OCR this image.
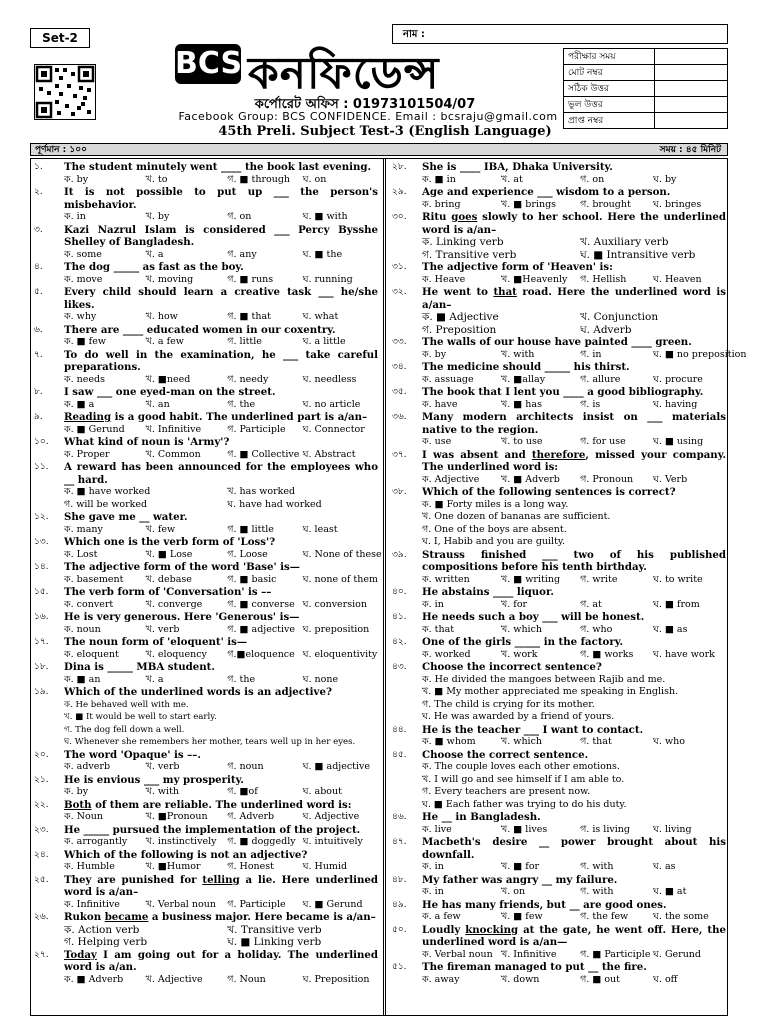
Set-2	নাম :
BCS কনফিডেন্স
কর্পোরেট অফিস : 01973101504/07
Facebook Group: BCS CONFIDENCE. Email : bcsraju@gmail.com
45th Preli. Subject Test-3 (English Language)
পরীক্ষার সময়	
মোট নম্বর	
সঠিক উত্তর	
ভুল উত্তর	
প্রাপ্ত নম্বর	
পূর্ণমান : ১০০	সময় : ৪৫ মিনিট
১.	The student minutely went ____ the book last evening.
ক. by	খ. to	গ. ■ through ঘ. on
২.	It is not possible to put up ___ the person's misbehavior.
ক. in	খ. by	গ. on	ঘ. ■ with
৩.	Kazi Nazrul Islam is considered ___ Percy Bysshe Shelley of Bangladesh.
ক. some	খ. a	গ. any	ঘ. ■ the
৪.	The dog _____ as fast as the boy.
ক. move	খ. moving	গ. ■ runs	ঘ. running
৫.	Every child should learn a creative task ___ he/she likes.
ক. why	খ. how	গ. ■ that	ঘ. what
৬.	There are ____ educated women in our coxentry.
ক. ■ few	খ. a few	গ. little	ঘ. a little
৭.	To do well in the examination, he ___ take careful preparations.
ক. needs	খ. ■need	গ. needy	ঘ. needless
৮.	I saw ___ one eyed-man on the street.
ক. ■ a	খ. an	গ. the	ঘ. no article
৯.	Reading is a good habit. The underlined part is a/an–
ক. ■ Gerund খ. Infinitive	গ. Participle ঘ. Connector
১০.	What kind of noun is 'Army'?
ক. Proper	খ. Common	গ. ■ Collective ঘ. Abstract
১১.	A reward has been announced for the employees who __ hard.
ক. ■ have worked	খ. has worked
গ. will be worked	ঘ. have had worked
১২.	She gave me __ water.
ক. many	খ. few	গ. ■ little	ঘ. least
১৩.	Which one is the verb form of 'Loss'?
ক. Lost	খ. ■ Lose	গ. Loose	ঘ. None of these
১৪.	The adjective form of the word 'Base' is—
ক. basement খ. debase	গ. ■ basic	ঘ. none of them
১৫.	The verb form of 'Conversation' is ––
ক. convert	খ. converge	গ. ■ converse ঘ. conversion
১৬.	He is very generous. Here 'Generous' is—
ক. noun	খ. verb	গ. ■ adjective ঘ. preposition
১৭.	The noun form of 'eloquent' is—
ক. eloquent	খ. eloquency গ.■eloquence ঘ. eloquentivity
১৮.	Dina is _____ MBA student.
ক. ■ an	খ. a	গ. the	ঘ. none
১৯.	Which of the underlined words is an adjective?
ক. He behaved well with me.
খ. ■ It would be well to start early.
গ. The dog fell down a well.
ঘ. Whenever she remembers her mother, tears well up in her eyes.
২০.	The word 'Opaque' is ––.
ক. adverb	খ. verb	গ. noun	ঘ. ■ adjective
২১.	He is envious ___ my prosperity.
ক. by	খ. with	গ. ■of	ঘ. about
২২.	Both of them are reliable. The underlined word is:
ক. Noun	খ. ■Pronoun গ. Adverb	ঘ. Adjective
২৩.	He _____ pursued the implementation of the project.
ক. arrogantly খ. instinctively গ. ■ doggedly ঘ. intuitively
২৪.	Which of the following is not an adjective?
ক. Humble	খ. ■Humor	গ. Honest	ঘ. Humid
২৫.	They are punished for telling a lie. Here underlined word is a/an–
ক. Infinitive	খ. Verbal noun গ. Participle ঘ. ■ Gerund
২৬.	Rukon became a business major. Here became is a/an–
ক. Action verb	খ. Transitive verb
গ. Helping verb	ঘ. ■ Linking verb
২৭.	Today I am going out for a holiday. The underlined word is a/an.
ক. ■ Adverb খ. Adjective	গ. Noun	ঘ. Preposition
২৮.	She is ____ IBA, Dhaka University.
ক. ■ in	খ. at	গ. on	ঘ. by
২৯.	Age and experience ___ wisdom to a person.
ক. bring	খ. ■ brings	গ. brought ঘ. bringes
৩০.	Ritu goes slowly to her school. Here the underlined word is a/an–
ক. Linking verb	খ. Auxiliary verb
গ. Transitive verb	ঘ. ■ Intransitive verb
৩১.	The adjective form of 'Heaven' is:
ক. Heave	খ. ■Heavenly গ. Hellish	ঘ. Heaven
৩২.	He went to that road. Here the underlined word is a/an–
ক. ■ Adjective	খ. Conjunction
গ. Preposition	ঘ. Adverb
৩৩.	The walls of our house have painted ____ green.
ক. by	খ. with	গ. in	ঘ. ■ no preposition
৩৪.	The medicine should _____ his thirst.
ক. assuage	খ. ■allay	গ. allure	ঘ. procure
৩৫.	The book that I lent you ____ a good bibliography.
ক. have	খ. ■ has	গ. is	ঘ. having
৩৬.	Many modern architects insist on ___ materials native to the region.
ক. use	খ. to use	গ. for use	ঘ. ■ using
৩৭.	I was absent and therefore, missed your company. The underlined word is:
ক. Adjective খ. ■ Adverb গ. Pronoun ঘ. Verb
৩৮.	Which of the following sentences is correct?
ক. ■ Forty miles is a long way.
খ. One dozen of bananas are sufficient.
গ. One of the boys are absent.
ঘ. I, Habib and you are guilty.
৩৯.	Strauss finished ___ two of his published compositions before his tenth birthday.
ক. written	খ. ■ writing গ. write	ঘ. to write
৪০.	He abstains ____ liquor.
ক. in	খ. for	গ. at	ঘ. ■ from
৪১.	He needs such a boy ___ will be honest.
ক. that	খ. which	গ. who	ঘ. ■ as
৪২.	One of the girls _____ in the factory.
ক. worked	খ. work	গ. ■ works ঘ. have work
৪৩.	Choose the incorrect sentence?
ক. He divided the mangoes between Rajib and me.
খ. ■ My mother appreciated me speaking in English.
গ. The child is crying for its mother.
ঘ. He was awarded by a friend of yours.
৪৪.	He is the teacher ___ I want to contact.
ক. ■ whom	খ. which	গ. that	ঘ. who
৪৫.	Choose the correct sentence.
ক. The couple loves each other emotions.
খ. I will go and see himself if I am able to.
গ. Every teachers are present now.
ঘ. ■ Each father was trying to do his duty.
৪৬.	He __ in Bangladesh.
ক. live	খ. ■ lives	গ. is living ঘ. living
৪৭.	Macbeth's desire __ power brought about his downfall.
ক. in	খ. ■ for	গ. with	ঘ. as
৪৮.	My father was angry __ my failure.
ক. in	খ. on	গ. with	ঘ. ■ at
৪৯.	He has many friends, but __ are good ones.
ক. a few	খ. ■ few	গ. the few	ঘ. the some
৫০.	Loudly knocking at the gate, he went off. Here, the underlined word is a/an—
ক. Verbal noun খ. Infinitive গ. ■ Participle ঘ. Gerund
৫১.	The fireman managed to put __ the fire.
ক. away	খ. down	গ. ■ out	ঘ. off
